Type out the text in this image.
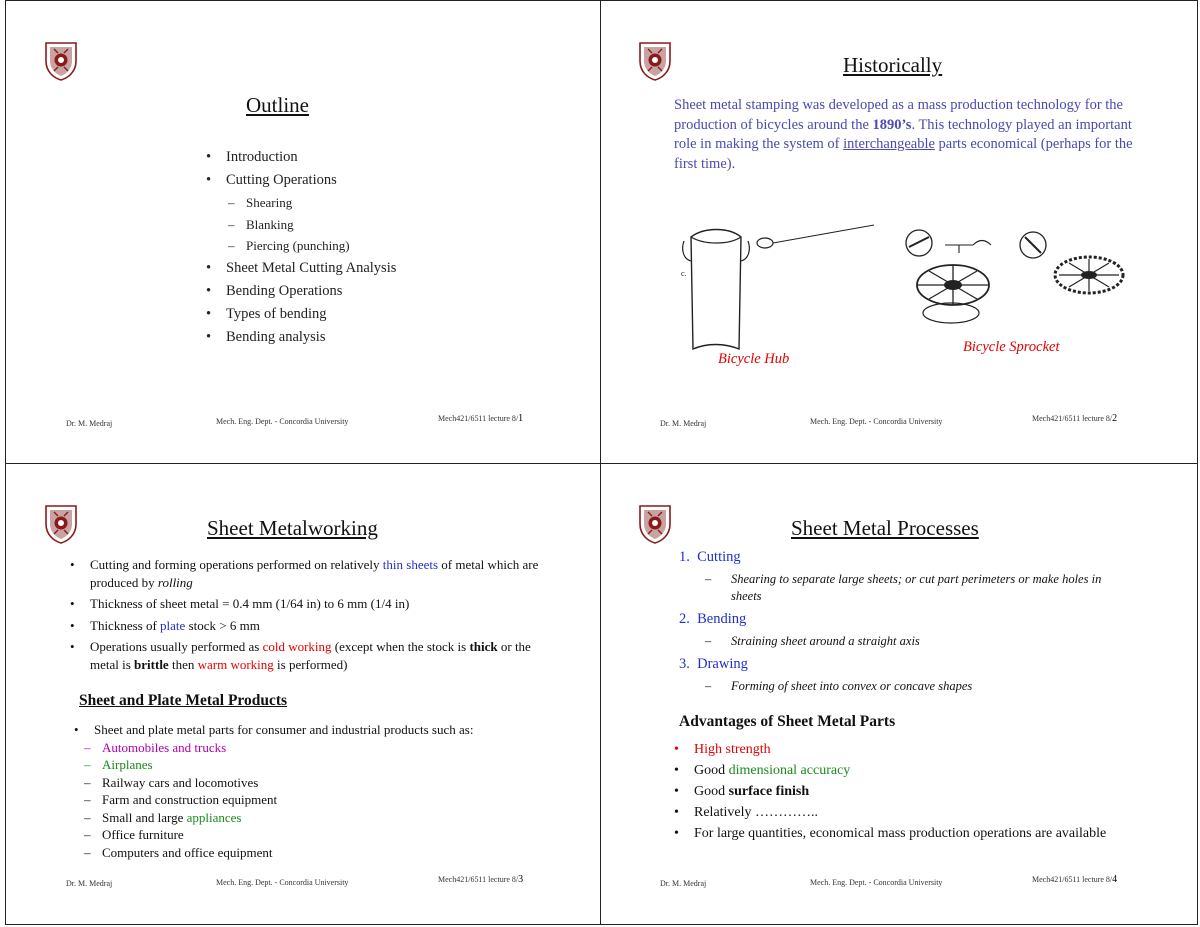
Outline
• Introduction
• Cutting Operations
– Shearing
– Blanking
– Piercing (punching)
• Sheet Metal Cutting Analysis
• Bending Operations
• Types of bending
• Bending analysis
Dr. M. Medraj	Mech. Eng. Dept. - Concordia University	Mech421/6511 lecture 8/1
Historically
Sheet metal stamping was developed as a mass production technology for the production of bicycles around the 1890’s. This technology played an important role in making the system of interchangeable parts economical (perhaps for the first time).
c.
Bicycle Hub
Bicycle Sprocket
Dr. M. Medraj	Mech. Eng. Dept. - Concordia University	Mech421/6511 lecture 8/2
Sheet Metalworking
• Cutting and forming operations performed on relatively thin sheets of metal which are produced by rolling
• Thickness of sheet metal = 0.4 mm (1/64 in) to 6 mm (1/4 in)
• Thickness of plate stock > 6 mm
• Operations usually performed as cold working (except when the stock is thick or the metal is brittle then warm working is performed)
Sheet and Plate Metal Products
• Sheet and plate metal parts for consumer and industrial products such as:
– Automobiles and trucks
– Airplanes
– Railway cars and locomotives
– Farm and construction equipment
– Small and large appliances
– Office furniture
– Computers and office equipment
Dr. M. Medraj	Mech. Eng. Dept. - Concordia University	Mech421/6511 lecture 8/3
Sheet Metal Processes
1. Cutting
– Shearing to separate large sheets; or cut part perimeters or make holes in sheets
2. Bending
– Straining sheet around a straight axis
3. Drawing
– Forming of sheet into convex or concave shapes
Advantages of Sheet Metal Parts
• High strength
• Good dimensional accuracy
• Good surface finish
• Relatively …………..
• For large quantities, economical mass production operations are available
Dr. M. Medraj	Mech. Eng. Dept. - Concordia University	Mech421/6511 lecture 8/4
